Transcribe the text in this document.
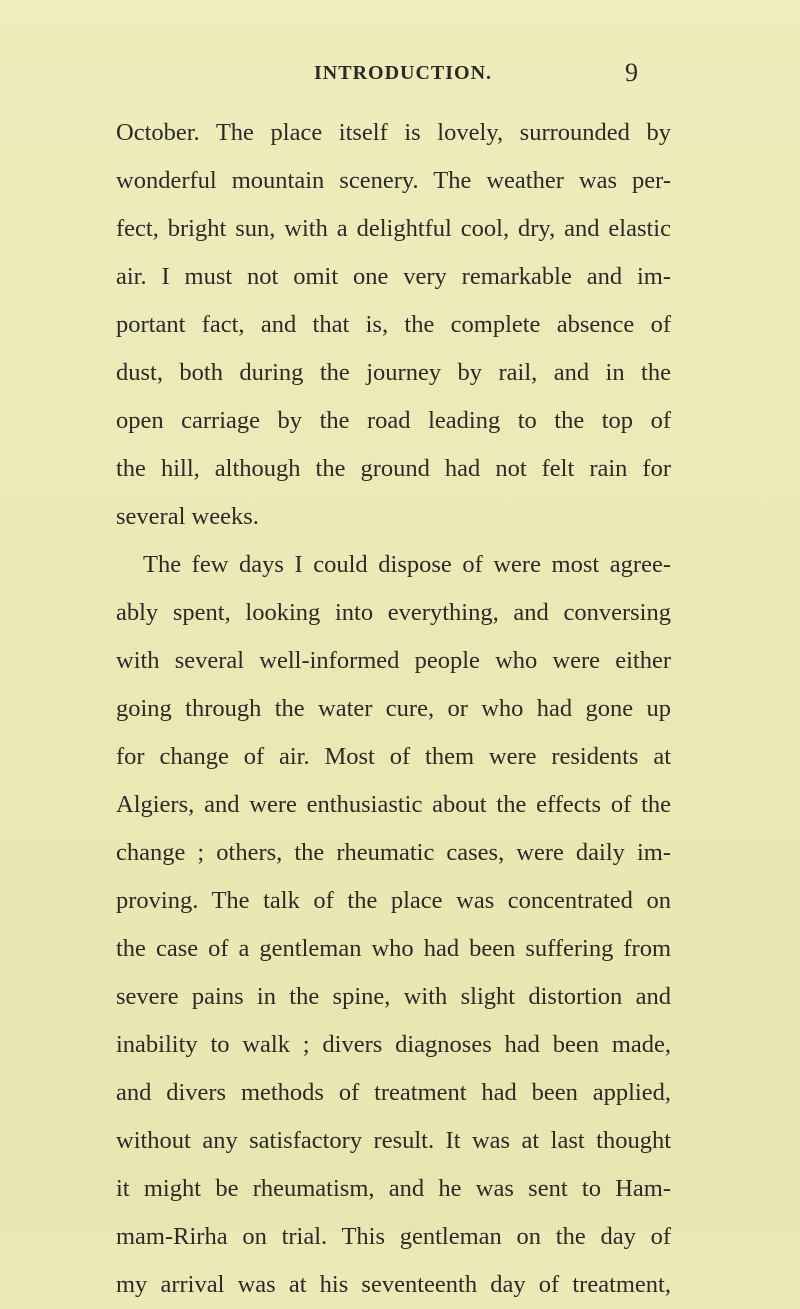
INTRODUCTION.	9
October. The place itself is lovely, surrounded by
wonderful mountain scenery. The weather was per-
fect, bright sun, with a delightful cool, dry, and elastic
air. I must not omit one very remarkable and im-
portant fact, and that is, the complete absence of
dust, both during the journey by rail, and in the
open carriage by the road leading to the top of
the hill, although the ground had not felt rain for
several weeks.
The few days I could dispose of were most agree-
ably spent, looking into everything, and conversing
with several well-informed people who were either
going through the water cure, or who had gone up
for change of air. Most of them were residents at
Algiers, and were enthusiastic about the effects of the
change ; others, the rheumatic cases, were daily im-
proving. The talk of the place was concentrated on
the case of a gentleman who had been suffering from
severe pains in the spine, with slight distortion and
inability to walk ; divers diagnoses had been made,
and divers methods of treatment had been applied,
without any satisfactory result. It was at last thought
it might be rheumatism, and he was sent to Ham-
mam-Rirha on trial. This gentleman on the day of
my arrival was at his seventeenth day of treatment,
